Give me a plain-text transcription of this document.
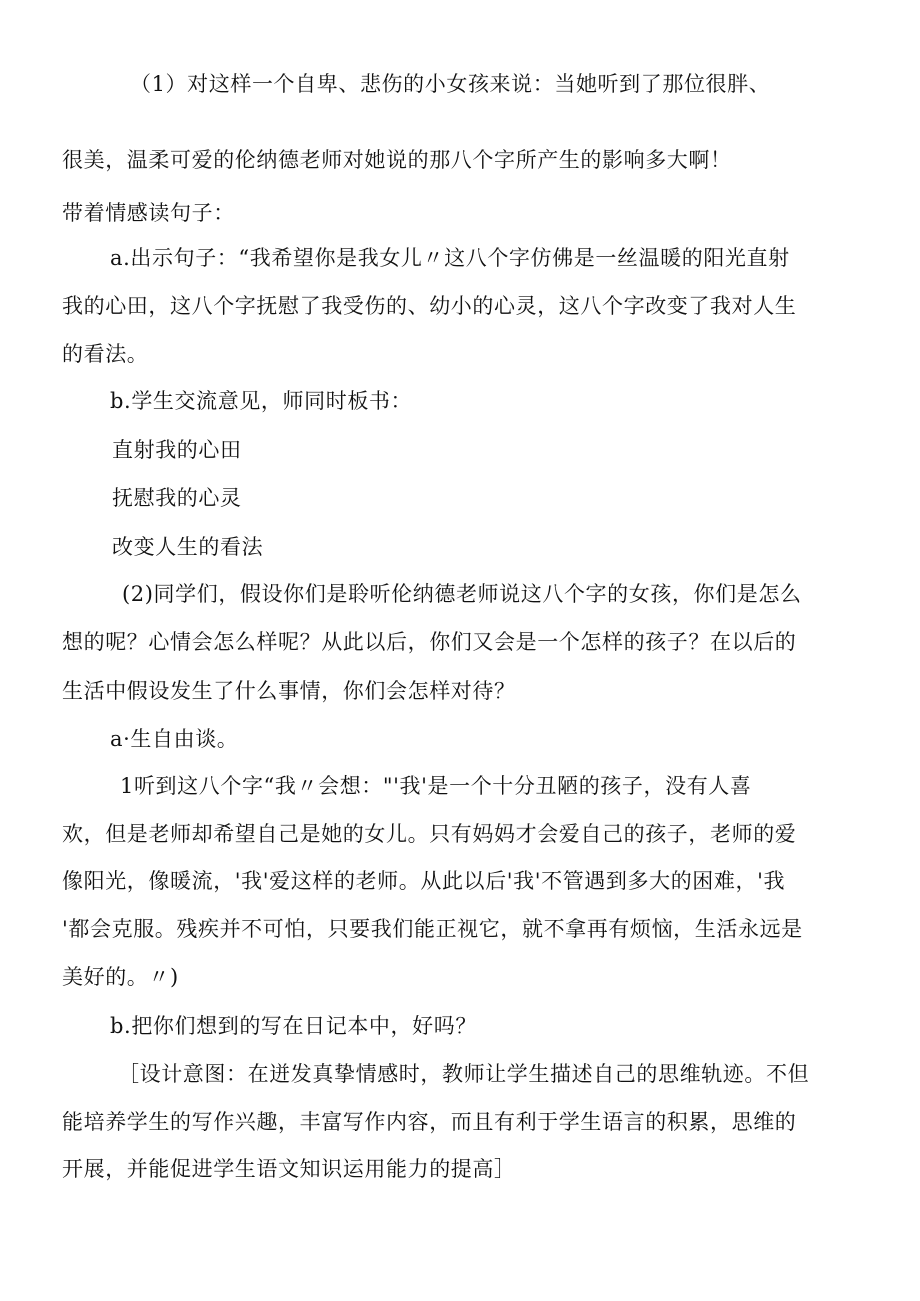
（1）对这样一个自卑、悲伤的小女孩来说：当她听到了那位很胖、
很美，温柔可爱的伦纳德老师对她说的那八个字所产生的影响多大啊！
带着情感读句子：
a.出示句子：“我希望你是我女儿〃这八个字仿佛是一丝温暖的阳光直射
我的心田，这八个字抚慰了我受伤的、幼小的心灵，这八个字改变了我对人生
的看法。
b.学生交流意见，师同时板书：
直射我的心田
抚慰我的心灵
改变人生的看法
(2)同学们，假设你们是聆听伦纳德老师说这八个字的女孩，你们是怎么
想的呢？心情会怎么样呢？从此以后，你们又会是一个怎样的孩子？在以后的
生活中假设发生了什么事情，你们会怎样对待？
a·生自由谈。
1听到这八个字“我〃会想："'我'是一个十分丑陋的孩子，没有人喜
欢，但是老师却希望自己是她的女儿。只有妈妈才会爱自己的孩子，老师的爱
像阳光，像暖流，'我'爱这样的老师。从此以后'我'不管遇到多大的困难，'我
'都会克服。残疾并不可怕，只要我们能正视它，就不拿再有烦恼，生活永远是
美好的。〃)
b.把你们想到的写在日记本中，好吗？
［设计意图：在迸发真挚情感时，教师让学生描述自己的思维轨迹。不但
能培养学生的写作兴趣，丰富写作内容，而且有利于学生语言的积累，思维的
开展，并能促进学生语文知识运用能力的提高］
